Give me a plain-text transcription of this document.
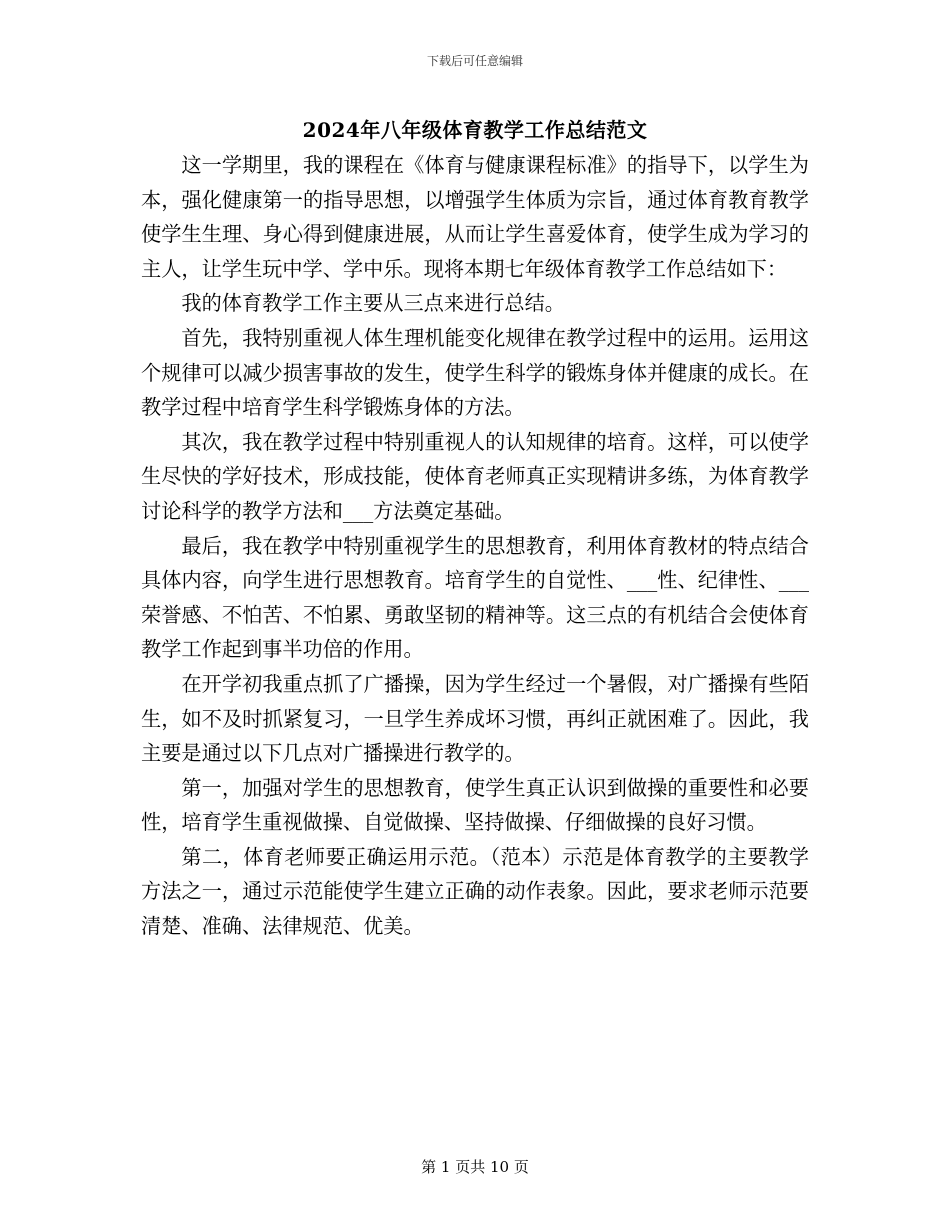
下载后可任意编辑
2024年八年级体育教学工作总结范文

这一学期里，我的课程在《体育与健康课程标准》的指导下，以学生为本，强化健康第一的指导思想，以增强学生体质为宗旨，通过体育教育教学使学生生理、身心得到健康进展，从而让学生喜爱体育，使学生成为学习的主人，让学生玩中学、学中乐。现将本期七年级体育教学工作总结如下：

我的体育教学工作主要从三点来进行总结。

首先，我特别重视人体生理机能变化规律在教学过程中的运用。运用这个规律可以减少损害事故的发生，使学生科学的锻炼身体并健康的成长。在教学过程中培育学生科学锻炼身体的方法。

其次，我在教学过程中特别重视人的认知规律的培育。这样，可以使学生尽快的学好技术，形成技能，使体育老师真正实现精讲多练，为体育教学讨论科学的教学方法和___方法奠定基础。

最后，我在教学中特别重视学生的思想教育，利用体育教材的特点结合具体内容，向学生进行思想教育。培育学生的自觉性、___性、纪律性、___荣誉感、不怕苦、不怕累、勇敢坚韧的精神等。这三点的有机结合会使体育教学工作起到事半功倍的作用。

在开学初我重点抓了广播操，因为学生经过一个暑假，对广播操有些陌生，如不及时抓紧复习，一旦学生养成坏习惯，再纠正就困难了。因此，我主要是通过以下几点对广播操进行教学的。

第一，加强对学生的思想教育，使学生真正认识到做操的重要性和必要性，培育学生重视做操、自觉做操、坚持做操、仔细做操的良好习惯。

第二，体育老师要正确运用示范。（范本）示范是体育教学的主要教学方法之一，通过示范能使学生建立正确的动作表象。因此，要求老师示范要清楚、准确、法律规范、优美。

第 1 页共 10 页
